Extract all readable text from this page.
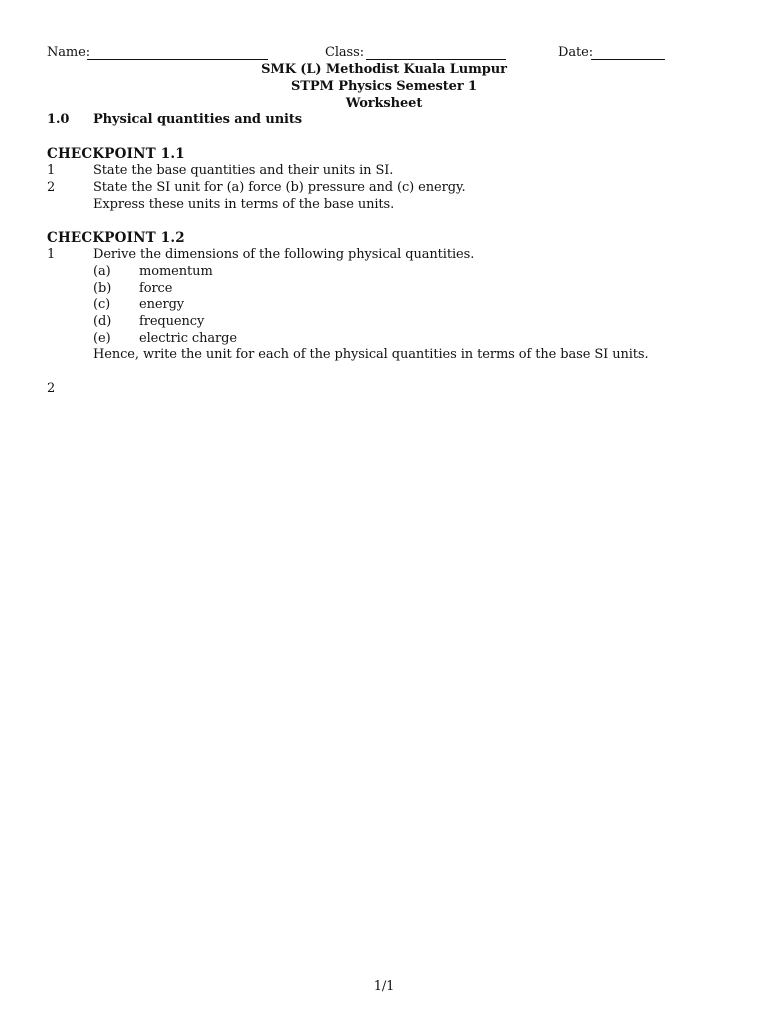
Name:	Class:	Date:
SMK (L) Methodist Kuala Lumpur
STPM Physics Semester 1
Worksheet
1.0 Physical quantities and units
CHECKPOINT 1.1
1	State the base quantities and their units in SI.
2	State the SI unit for (a) force (b) pressure and (c) energy.
Express these units in terms of the base units.
CHECKPOINT 1.2
1	Derive the dimensions of the following physical quantities.
(a) momentum
(b) force
(c) energy
(d) frequency
(e) electric charge
Hence, write the unit for each of the physical quantities in terms of the base SI units.
2
1/1
